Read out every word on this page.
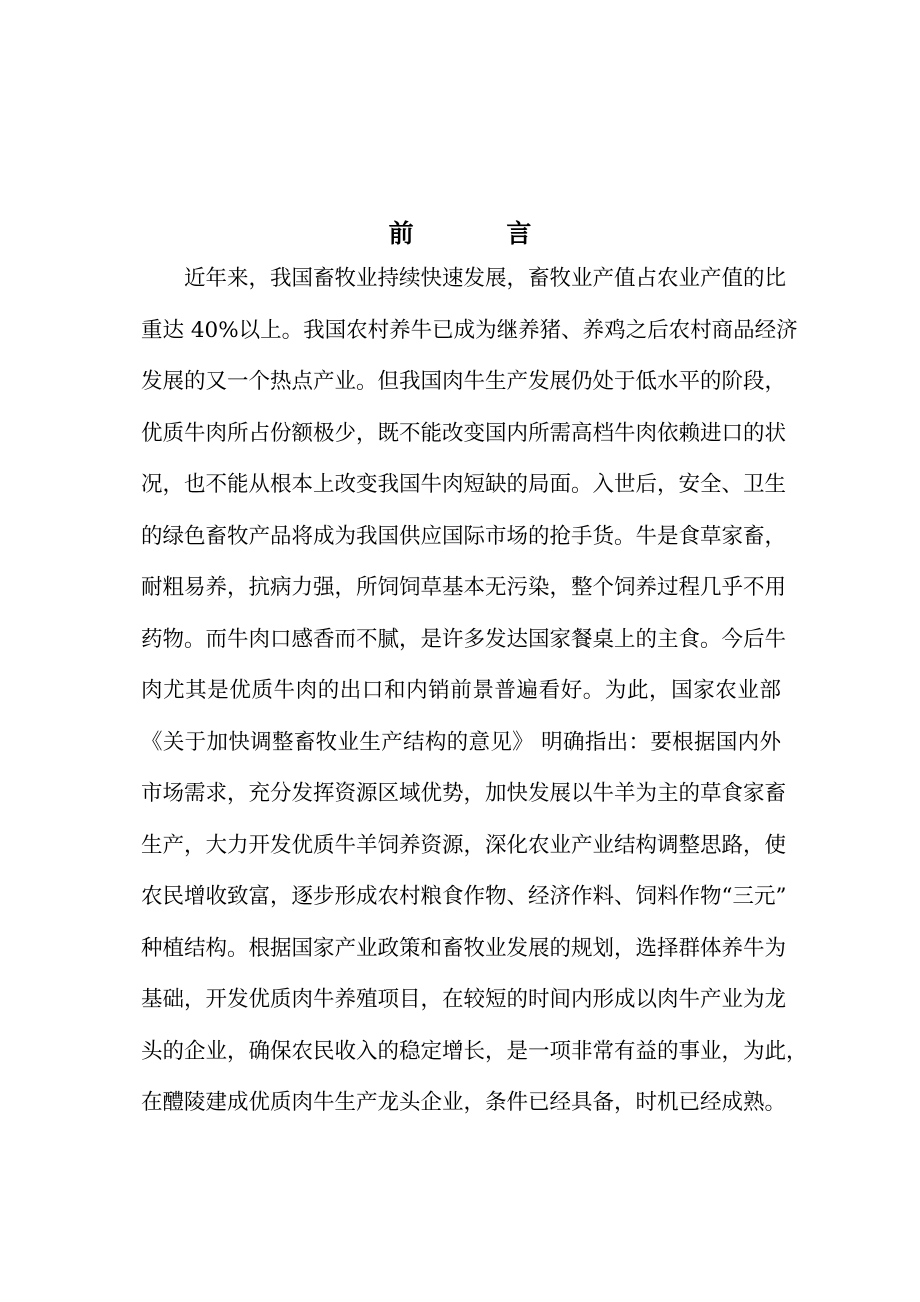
前 言
近年来，我国畜牧业持续快速发展，畜牧业产值占农业产值的比
重达 40%以上。我国农村养牛已成为继养猪、养鸡之后农村商品经济
发展的又一个热点产业。但我国肉牛生产发展仍处于低水平的阶段，
优质牛肉所占份额极少，既不能改变国内所需高档牛肉依赖进口的状
况，也不能从根本上改变我国牛肉短缺的局面。入世后，安全、卫生
的绿色畜牧产品将成为我国供应国际市场的抢手货。牛是食草家畜，
耐粗易养，抗病力强，所饲饲草基本无污染，整个饲养过程几乎不用
药物。而牛肉口感香而不腻，是许多发达国家餐桌上的主食。今后牛
肉尤其是优质牛肉的出口和内销前景普遍看好。为此，国家农业部
《关于加快调整畜牧业生产结构的意见》 明确指出：要根据国内外
市场需求，充分发挥资源区域优势，加快发展以牛羊为主的草食家畜
生产，大力开发优质牛羊饲养资源，深化农业产业结构调整思路，使
农民增收致富，逐步形成农村粮食作物、经济作料、饲料作物“三元”
种植结构。根据国家产业政策和畜牧业发展的规划，选择群体养牛为
基础，开发优质肉牛养殖项目，在较短的时间内形成以肉牛产业为龙
头的企业，确保农民收入的稳定增长，是一项非常有益的事业，为此，
在醴陵建成优质肉牛生产龙头企业，条件已经具备，时机已经成熟。
